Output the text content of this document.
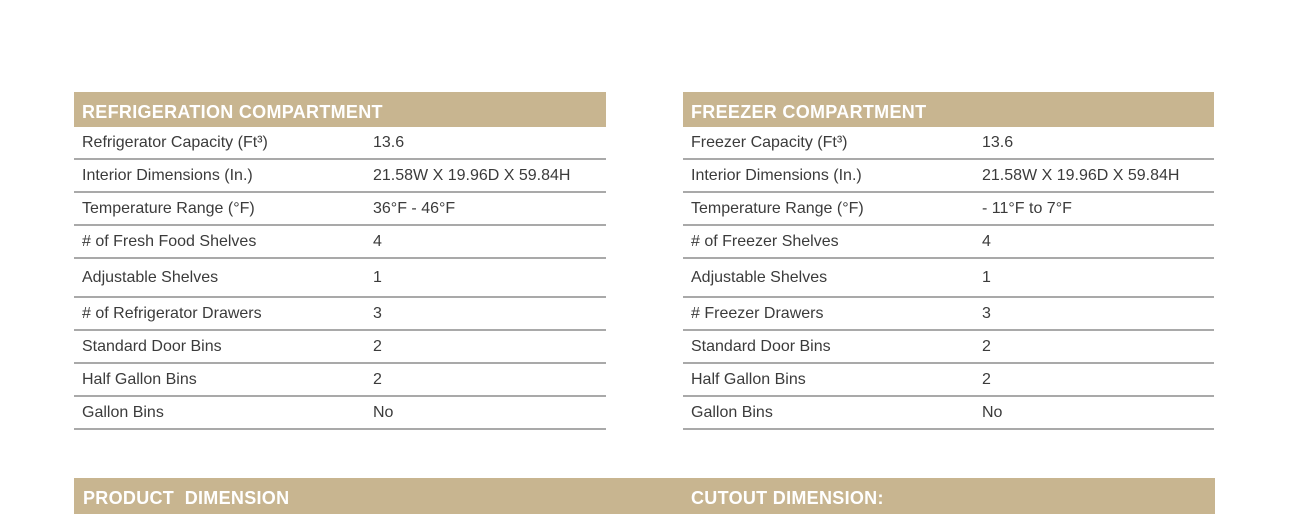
REFRIGERATION COMPARTMENT
Refrigerator Capacity (Ft³)	13.6
Interior Dimensions (In.)	21.58W X 19.96D X 59.84H
Temperature Range (°F)	36°F - 46°F
# of Fresh Food Shelves	4
Adjustable Shelves	1
# of Refrigerator Drawers	3
Standard Door Bins	2
Half Gallon Bins	2
Gallon Bins	No
FREEZER COMPARTMENT
Freezer Capacity (Ft³)	13.6
Interior Dimensions (In.)	21.58W X 19.96D X 59.84H
Temperature Range (°F)	- 11°F to 7°F
# of Freezer Shelves	4
Adjustable Shelves	1
# Freezer Drawers	3
Standard Door Bins	2
Half Gallon Bins	2
Gallon Bins	No
PRODUCT  DIMENSION	CUTOUT DIMENSION:
